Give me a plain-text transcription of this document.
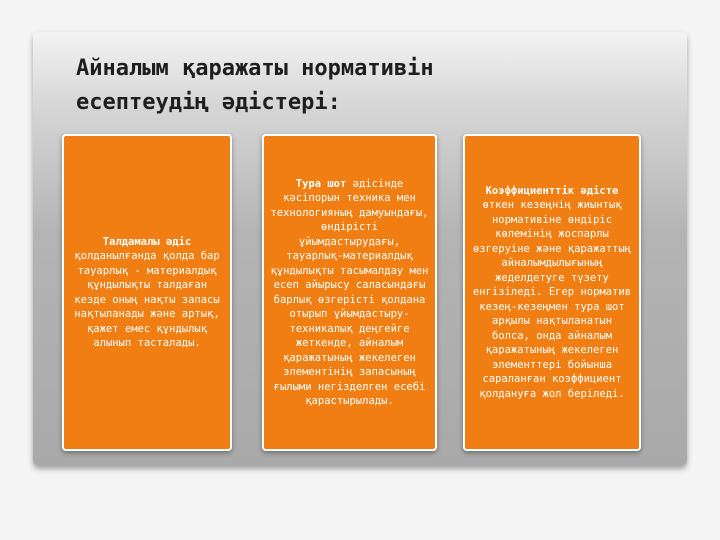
Айналым қаражаты нормативін
есептеудің әдістері:

Талдамалы әдіс қолданылғанда қолда бар тауарлық - материалдық құндылықты талдаған кезде оның нақты запасы нақтыланады және артық, қажет емес құндылық алынып тасталады.

Тура шот әдісінде кәсіпорын техника мен технологияның дамуындағы, өндірісті ұйымдастырудағы, тауарлық-материалдық құндылықты тасымалдау мен есеп айырысу саласындағы барлық өзгерісті қолдана отырып ұйымдастыру-техникалық деңгейге жеткенде, айналым қаражатының жекелеген элементінің запасының ғылыми негізделген есебі қарастырылады.

Коэффициенттік әдісте өткен кезеңнің жиынтық нормативіне өндіріс көлемінің жоспарлы өзгеруіне және қаражаттың айналымдылығының жеделдетуге түзету енгізіледі. Егер норматив кезең-кезеңмен тура шот арқылы нақтыланатын болса, онда айналым қаражатының жекелеген элементтері бойынша сараланған коэффициент қолдануға жол беріледі.
